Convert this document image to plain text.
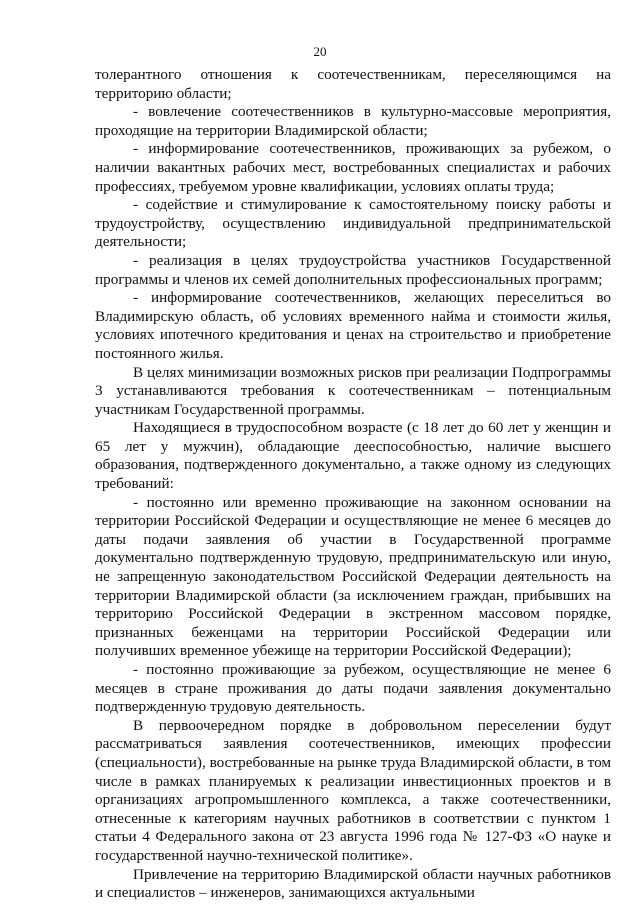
20

толерантного отношения к соотечественникам, переселяющимся на территорию области;

- вовлечение соотечественников в культурно-массовые мероприятия, проходящие на территории Владимирской области;

- информирование соотечественников, проживающих за рубежом, о наличии вакантных рабочих мест, востребованных специалистах и рабочих профессиях, требуемом уровне квалификации, условиях оплаты труда;

- содействие и стимулирование к самостоятельному поиску работы и трудоустройству, осуществлению индивидуальной предпринимательской деятельности;

- реализация в целях трудоустройства участников Государственной программы и членов их семей дополнительных профессиональных программ;

- информирование соотечественников, желающих переселиться во Владимирскую область, об условиях временного найма и стоимости жилья, условиях ипотечного кредитования и ценах на строительство и приобретение постоянного жилья.

В целях минимизации возможных рисков при реализации Подпрограммы 3 устанавливаются требования к соотечественникам – потенциальным участникам Государственной программы.

Находящиеся в трудоспособном возрасте (с 18 лет до 60 лет у женщин и 65 лет у мужчин), обладающие дееспособностью, наличие высшего образования, подтвержденного документально, а также одному из следующих требований:

- постоянно или временно проживающие на законном основании на территории Российской Федерации и осуществляющие не менее 6 месяцев до даты подачи заявления об участии в Государственной программе документально подтвержденную трудовую, предпринимательскую или иную, не запрещенную законодательством Российской Федерации деятельность на территории Владимирской области (за исключением граждан, прибывших на территорию Российской Федерации в экстренном массовом порядке, признанных беженцами на территории Российской Федерации или получивших временное убежище на территории Российской Федерации);

- постоянно проживающие за рубежом, осуществляющие не менее 6 месяцев в стране проживания до даты подачи заявления документально подтвержденную трудовую деятельность.

В первоочередном порядке в добровольном переселении будут рассматриваться заявления соотечественников, имеющих профессии (специальности), востребованные на рынке труда Владимирской области, в том числе в рамках планируемых к реализации инвестиционных проектов и в организациях агропромышленного комплекса, а также соотечественники, отнесенные к категориям научных работников в соответствии с пунктом 1 статьи 4 Федерального закона от 23 августа 1996 года № 127-ФЗ «О науке и государственной научно-технической политике».

Привлечение на территорию Владимирской области научных работников и специалистов – инженеров, занимающихся актуальными
